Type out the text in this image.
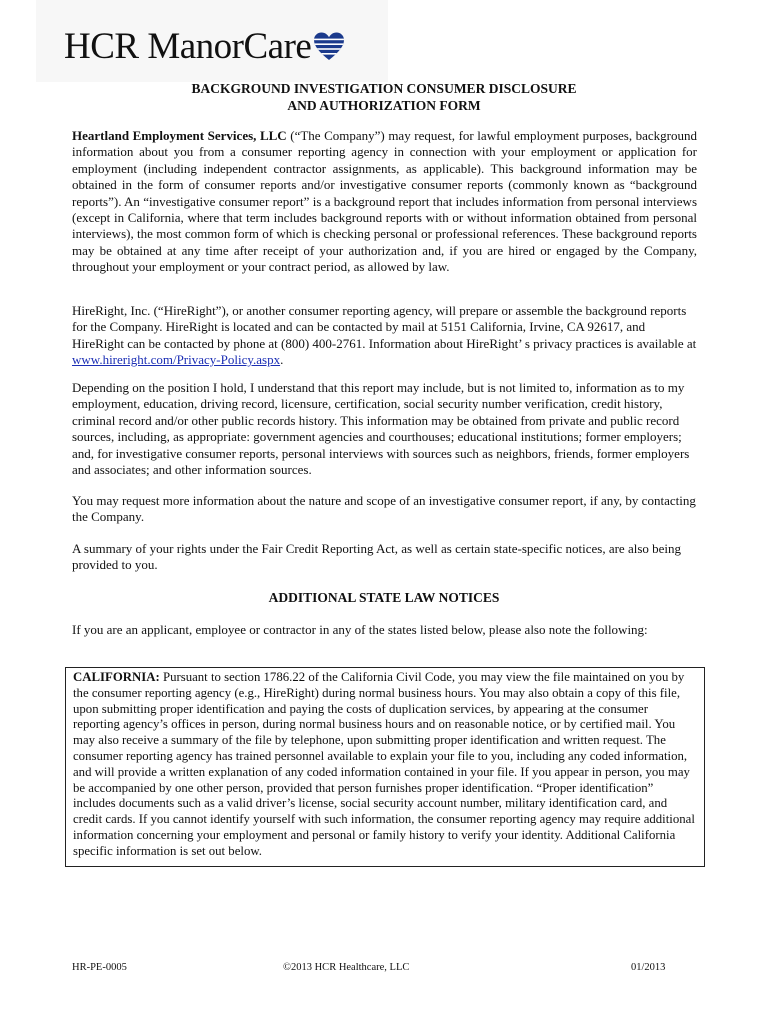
HCR ManorCare
BACKGROUND INVESTIGATION CONSUMER DISCLOSURE
AND AUTHORIZATION FORM

Heartland Employment Services, LLC (“The Company”) may request, for lawful employment purposes, background information about you from a consumer reporting agency in connection with your employment or application for employment (including independent contractor assignments, as applicable). This background information may be obtained in the form of consumer reports and/or investigative consumer reports (commonly known as “background reports”). An “investigative consumer report” is a background report that includes information from personal interviews (except in California, where that term includes background reports with or without information obtained from personal interviews), the most common form of which is checking personal or professional references. These background reports may be obtained at any time after receipt of your authorization and, if you are hired or engaged by the Company, throughout your employment or your contract period, as allowed by law.

HireRight, Inc. (“HireRight”), or another consumer reporting agency, will prepare or assemble the background reports for the Company. HireRight is located and can be contacted by mail at 5151 California, Irvine, CA 92617, and HireRight can be contacted by phone at (800) 400-2761. Information about HireRight’ s privacy practices is available at www.hireright.com/Privacy-Policy.aspx.

Depending on the position I hold, I understand that this report may include, but is not limited to, information as to my employment, education, driving record, licensure, certification, social security number verification, credit history, criminal record and/or other public records history. This information may be obtained from private and public record sources, including, as appropriate: government agencies and courthouses; educational institutions; former employers; and, for investigative consumer reports, personal interviews with sources such as neighbors, friends, former employers and associates; and other information sources.

You may request more information about the nature and scope of an investigative consumer report, if any, by contacting the Company.

A summary of your rights under the Fair Credit Reporting Act, as well as certain state-specific notices, are also being provided to you.

ADDITIONAL STATE LAW NOTICES

If you are an applicant, employee or contractor in any of the states listed below, please also note the following:

CALIFORNIA: Pursuant to section 1786.22 of the California Civil Code, you may view the file maintained on you by the consumer reporting agency (e.g., HireRight) during normal business hours. You may also obtain a copy of this file, upon submitting proper identification and paying the costs of duplication services, by appearing at the consumer reporting agency’s offices in person, during normal business hours and on reasonable notice, or by certified mail. You may also receive a summary of the file by telephone, upon submitting proper identification and written request. The consumer reporting agency has trained personnel available to explain your file to you, including any coded information, and will provide a written explanation of any coded information contained in your file. If you appear in person, you may be accompanied by one other person, provided that person furnishes proper identification. “Proper identification” includes documents such as a valid driver’s license, social security account number, military identification card, and credit cards. If you cannot identify yourself with such information, the consumer reporting agency may require additional information concerning your employment and personal or family history to verify your identity. Additional California specific information is set out below.

HR-PE-0005	©2013 HCR Healthcare, LLC	01/2013
